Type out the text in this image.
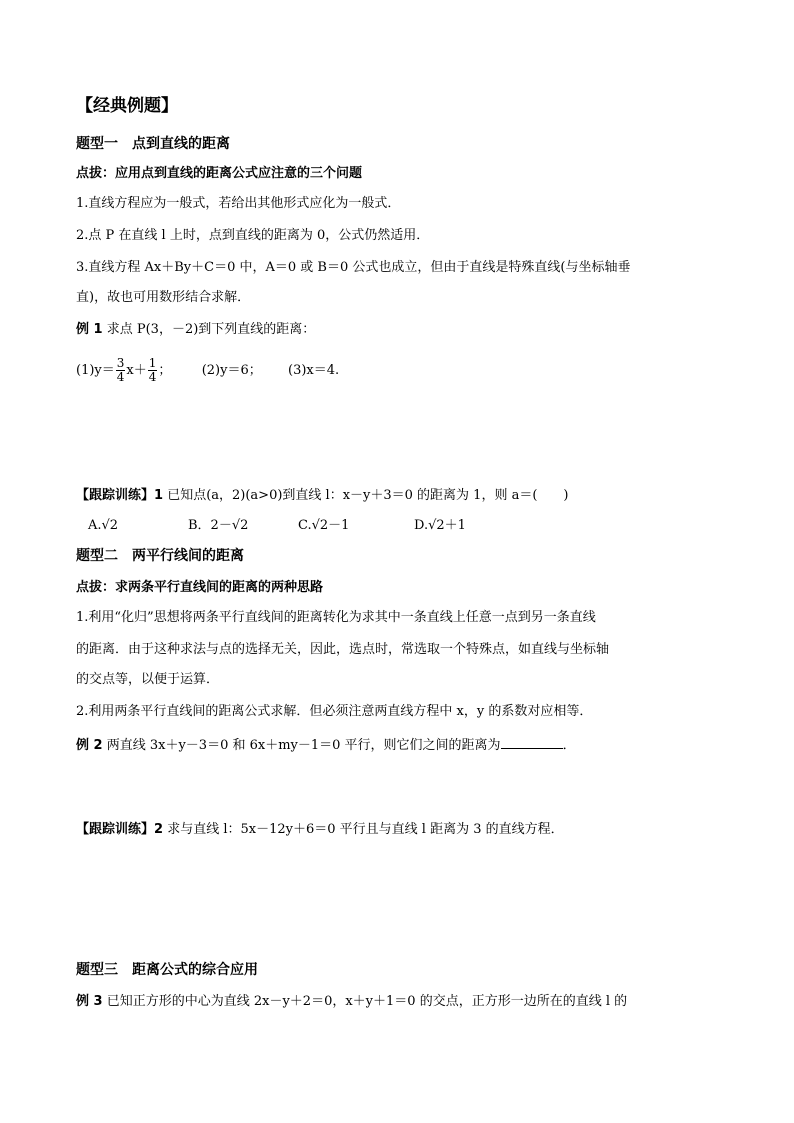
【经典例题】
题型一　点到直线的距离
点拔：应用点到直线的距离公式应注意的三个问题
1.直线方程应为一般式，若给出其他形式应化为一般式．
2.点 P 在直线 l 上时，点到直线的距离为 0，公式仍然适用．
3.直线方程 Ax＋By＋C＝0 中，A＝0 或 B＝0 公式也成立，但由于直线是特殊直线(与坐标轴垂
直)，故也可用数形结合求解．
例 1 求点 P(3，－2)到下列直线的距离：
$(1)y= \frac{3}{4} x+ \frac{1}{4}$ ； (2)y＝6； (3)x＝4.
【跟踪训练】1 已知点(a，2)(a>0)到直线 l：x－y＋3＝0 的距离为 1，则 a＝(　　)
A.√2	B．2－√2	C.√2－1	D.√2＋1
题型二　两平行线间的距离
点拔：求两条平行直线间的距离的两种思路
1.利用“化归”思想将两条平行直线间的距离转化为求其中一条直线上任意一点到另一条直线
的距离．由于这种求法与点的选择无关，因此，选点时，常选取一个特殊点，如直线与坐标轴
的交点等，以便于运算．
2.利用两条平行直线间的距离公式求解．但必须注意两直线方程中 x，y 的系数对应相等．
例 2 两直线 3x＋y－3＝0 和 6x＋my－1＝0 平行，则它们之间的距离为	．
【跟踪训练】2 求与直线 l：5x－12y＋6＝0 平行且与直线 l 距离为 3 的直线方程．
题型三　距离公式的综合应用
例 3 已知正方形的中心为直线 2x－y＋2＝0，x＋y＋1＝0 的交点，正方形一边所在的直线 l 的
